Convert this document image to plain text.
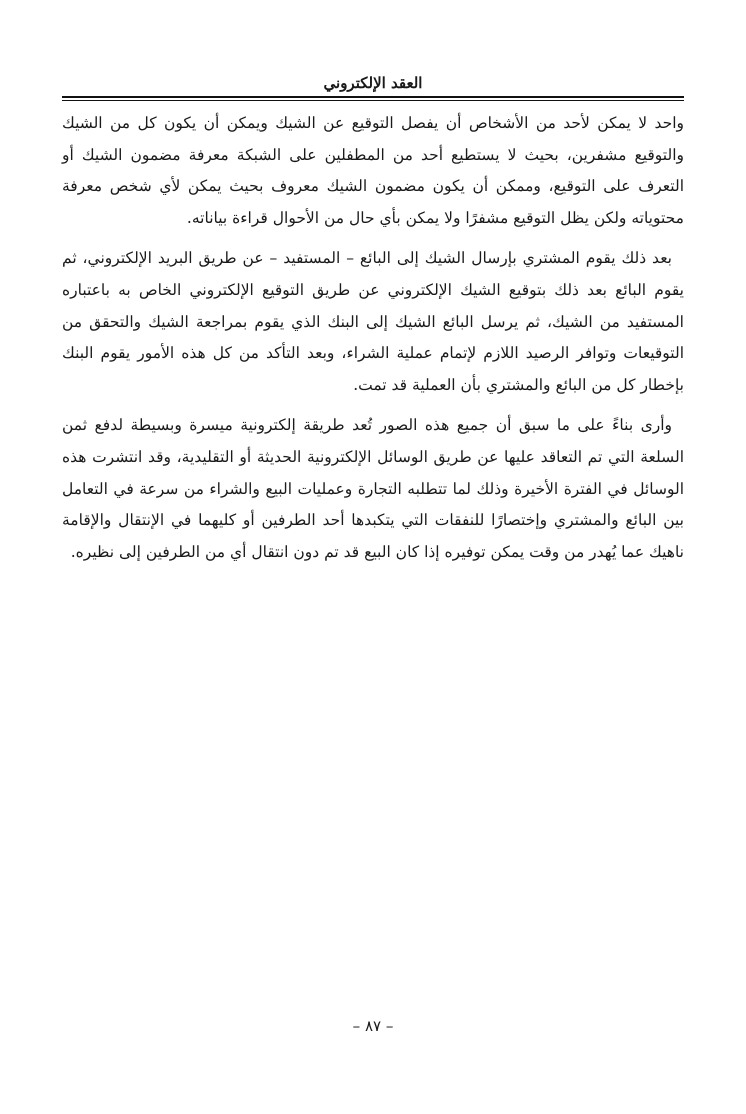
العقد الإلكتروني

واحد لا يمكن لأحد من الأشخاص أن يفصل التوقيع عن الشيك ويمكن أن يكون كل من الشيك والتوقيع مشفرين، بحيث لا يستطيع أحد من المطفلين على الشبكة معرفة مضمون الشيك أو التعرف على التوقيع، وممكن أن يكون مضمون الشيك معروف بحيث يمكن لأي شخص معرفة محتوياته ولكن يظل التوقيع مشفرًا ولا يمكن بأي حال من الأحوال قراءة بياناته.

بعد ذلك يقوم المشتري بإرسال الشيك إلى البائع – المستفيد – عن طريق البريد الإلكتروني، ثم يقوم البائع بعد ذلك بتوقيع الشيك الإلكتروني عن طريق التوقيع الإلكتروني الخاص به باعتباره المستفيد من الشيك، ثم يرسل البائع الشيك إلى البنك الذي يقوم بمراجعة الشيك والتحقق من التوقيعات وتوافر الرصيد اللازم لإتمام عملية الشراء، وبعد التأكد من كل هذه الأمور يقوم البنك بإخطار كل من البائع والمشتري بأن العملية قد تمت.

وأرى بناءً على ما سبق أن جميع هذه الصور تُعد طريقة إلكترونية ميسرة وبسيطة لدفع ثمن السلعة التي تم التعاقد عليها عن طريق الوسائل الإلكترونية الحديثة أو التقليدية، وقد انتشرت هذه الوسائل في الفترة الأخيرة وذلك لما تتطلبه التجارة وعمليات البيع والشراء من سرعة في التعامل بين البائع والمشتري وإختصارًا للنفقات التي يتكبدها أحد الطرفين أو كليهما في الإنتقال والإقامة ناهيك عما يُهدر من وقت يمكن توفيره إذا كان البيع قد تم دون انتقال أي من الطرفين إلى نظيره.

– ٨٧ –
